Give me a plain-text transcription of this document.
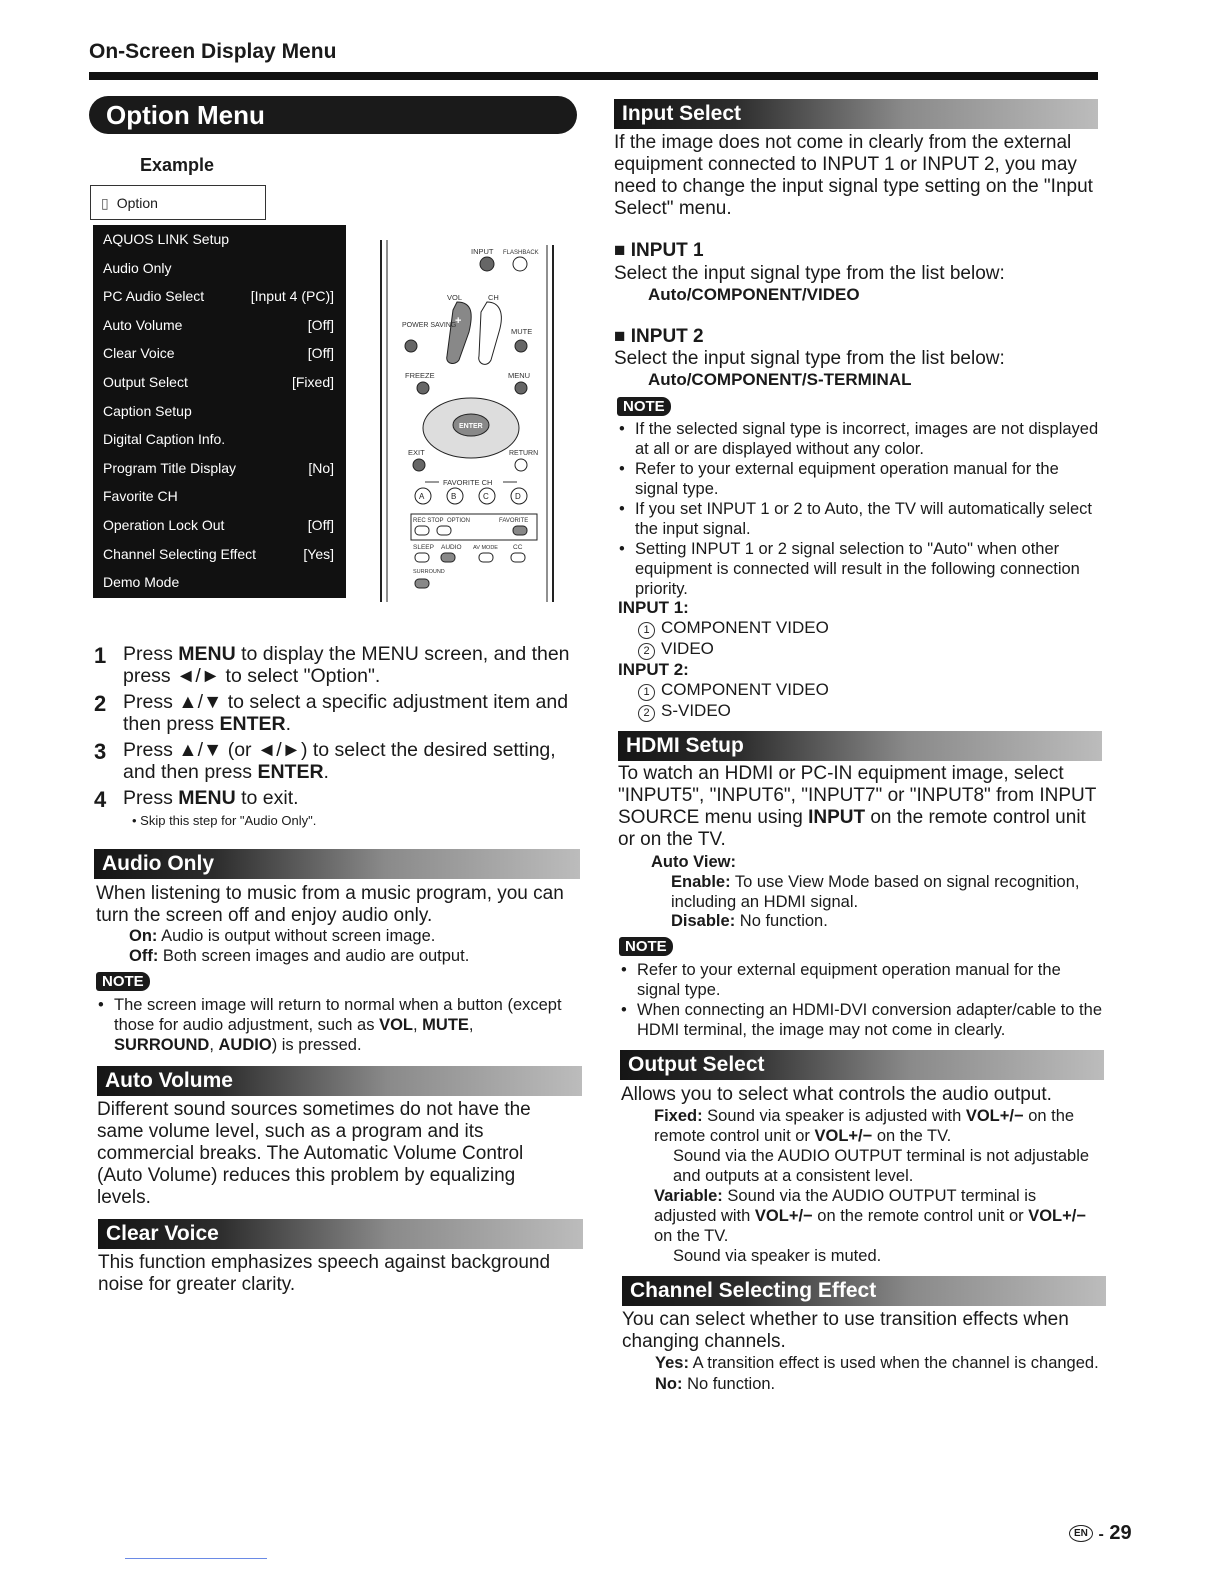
On-Screen Display Menu
Option Menu
Example
▯ Option
AQUOS LINK Setup
Audio Only
PC Audio Select	[Input 4 (PC)]
Auto Volume	[Off]
Clear Voice	[Off]
Output Select	[Fixed]
Caption Setup
Digital Caption Info.
Program Title Display	[No]
Favorite CH
Operation Lock Out	[Off]
Channel Selecting Effect	[Yes]
Demo Mode
INPUT FLASHBACK
VOL	CH
+
POWER SAVING
MUTE
FREEZE	MENU
ENTER
EXIT	RETURN
FAVORITE CH
A	B	C	D
REC STOP OPTION	FAVORITE
SLEEP AUDIO AV MODE CC
SURROUND
1 Press MENU to display the MENU screen, and then press ◄/► to select "Option".
2 Press ▲/▼ to select a specific adjustment item and then press ENTER.
3 Press ▲/▼ (or ◄/►) to select the desired setting, and then press ENTER.
4 Press MENU to exit.
• Skip this step for "Audio Only".
Audio Only
When listening to music from a music program, you can turn the screen off and enjoy audio only.
On: Audio is output without screen image.
Off: Both screen images and audio are output.
NOTE
• The screen image will return to normal when a button (except those for audio adjustment, such as VOL, MUTE, SURROUND, AUDIO) is pressed.
Auto Volume
Different sound sources sometimes do not have the same volume level, such as a program and its commercial breaks. The Automatic Volume Control (Auto Volume) reduces this problem by equalizing levels.
Clear Voice
This function emphasizes speech against background noise for greater clarity.
Input Select
If the image does not come in clearly from the external equipment connected to INPUT 1 or INPUT 2, you may need to change the input signal type setting on the "Input Select" menu.
■ INPUT 1
Select the input signal type from the list below:
Auto/COMPONENT/VIDEO
■ INPUT 2
Select the input signal type from the list below:
Auto/COMPONENT/S-TERMINAL
NOTE
• If the selected signal type is incorrect, images are not displayed at all or are displayed without any color.
• Refer to your external equipment operation manual for the signal type.
• If you set INPUT 1 or 2 to Auto, the TV will automatically select the input signal.
• Setting INPUT 1 or 2 signal selection to "Auto" when other equipment is connected will result in the following connection priority.
INPUT 1:
1 COMPONENT VIDEO
2 VIDEO
INPUT 2:
1 COMPONENT VIDEO
2 S-VIDEO
HDMI Setup
To watch an HDMI or PC-IN equipment image, select "INPUT5", "INPUT6", "INPUT7" or "INPUT8" from INPUT SOURCE menu using INPUT on the remote control unit or on the TV.
Auto View:
Enable: To use View Mode based on signal recognition, including an HDMI signal.
Disable: No function.
NOTE
• Refer to your external equipment operation manual for the signal type.
• When connecting an HDMI-DVI conversion adapter/cable to the HDMI terminal, the image may not come in clearly.
Output Select
Allows you to select what controls the audio output.
Fixed: Sound via speaker is adjusted with VOL+/− on the remote control unit or VOL+/− on the TV.
Sound via the AUDIO OUTPUT terminal is not adjustable and outputs at a consistent level.
Variable: Sound via the AUDIO OUTPUT terminal is adjusted with VOL+/− on the remote control unit or VOL+/− on the TV.
Sound via speaker is muted.
Channel Selecting Effect
You can select whether to use transition effects when changing channels.
Yes: A transition effect is used when the channel is changed.
No: No function.
EN - 29
